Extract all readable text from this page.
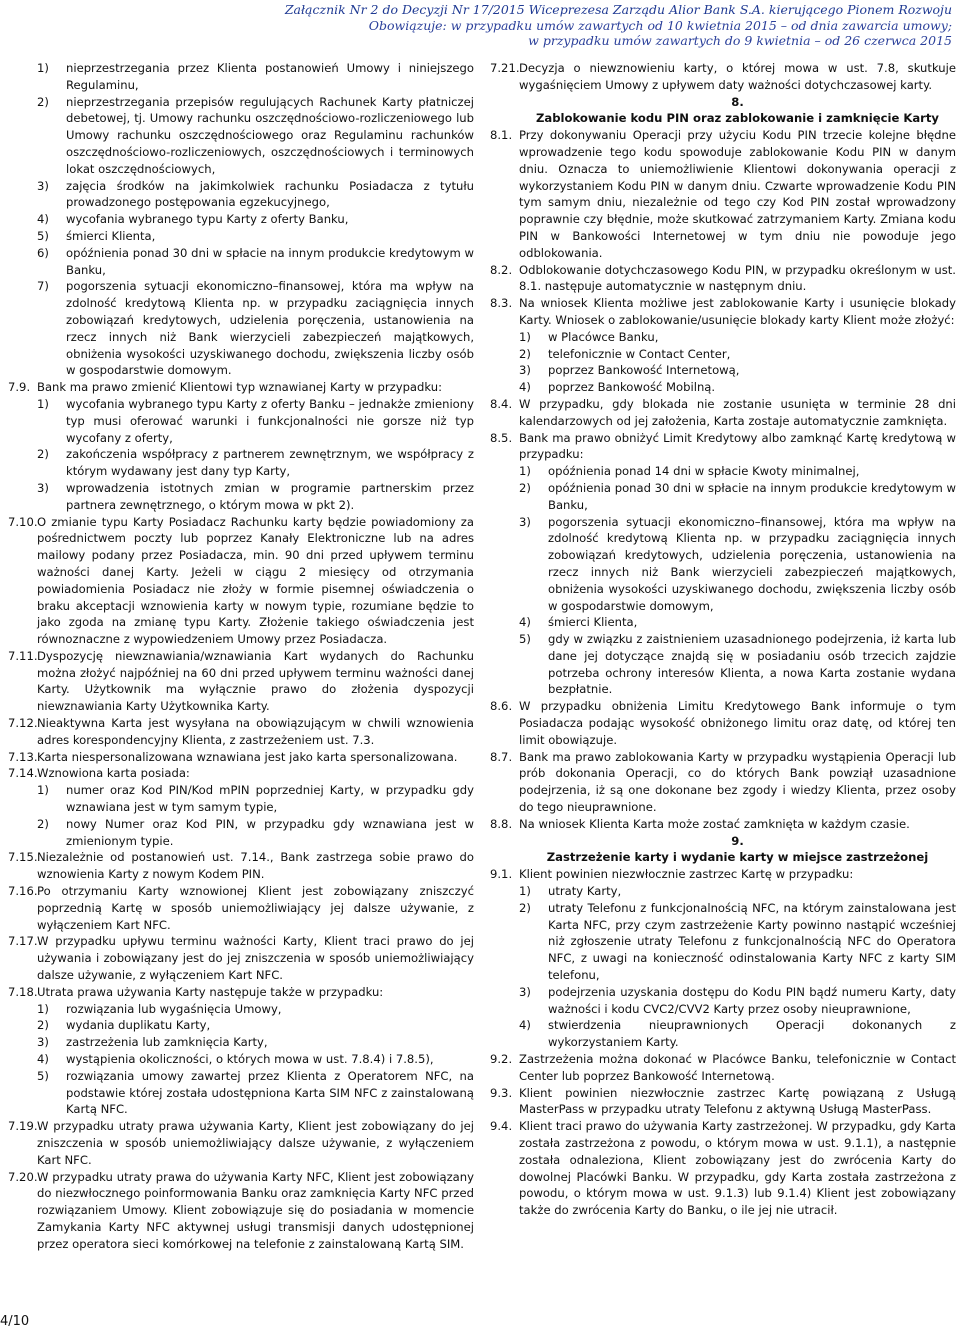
Załącznik Nr 2 do Decyzji Nr 17/2015 Wiceprezesa Zarządu Alior Bank S.A. kierującego Pionem Rozwoju
Obowiązuje: w przypadku umów zawartych od 10 kwietnia 2015 – od dnia zawarcia umowy;
w przypadku umów zawartych do 9 kwietnia – od 26 czerwca 2015
1) nieprzestrzegania przez Klienta postanowień Umowy i niniejszego Regulaminu,
2) nieprzestrzegania przepisów regulujących Rachunek Karty płatniczej debetowej, tj. Umowy rachunku oszczędnościowo-rozliczeniowego lub Umowy rachunku oszczędnościowego oraz Regulaminu rachunków oszczędnościowo-rozliczeniowych, oszczędnościowych i terminowych lokat oszczędnościowych,
3) zajęcia środków na jakimkolwiek rachunku Posiadacza z tytułu prowadzonego postępowania egzekucyjnego,
4) wycofania wybranego typu Karty z oferty Banku,
5) śmierci Klienta,
6) opóźnienia ponad 30 dni w spłacie na innym produkcie kredytowym w Banku,
7) pogorszenia sytuacji ekonomiczno–finansowej, która ma wpływ na zdolność kredytową Klienta np. w przypadku zaciągnięcia innych zobowiązań kredytowych, udzielenia poręczenia, ustanowienia na rzecz innych niż Bank wierzycieli zabezpieczeń majątkowych, obniżenia wysokości uzyskiwanego dochodu, zwiększenia liczby osób w gospodarstwie domowym.
7.9. Bank ma prawo zmienić Klientowi typ wznawianej Karty w przypadku:
1) wycofania wybranego typu Karty z oferty Banku – jednakże zmieniony typ musi oferować warunki i funkcjonalności nie gorsze niż typ wycofany z oferty,
2) zakończenia współpracy z partnerem zewnętrznym, we współpracy z którym wydawany jest dany typ Karty,
3) wprowadzenia istotnych zmian w programie partnerskim przez partnera zewnętrznego, o którym mowa w pkt 2).
7.10. O zmianie typu Karty Posiadacz Rachunku karty będzie powiadomiony za pośrednictwem poczty lub poprzez Kanały Elektroniczne lub na adres mailowy podany przez Posiadacza, min. 90 dni przed upływem terminu ważności danej Karty. Jeżeli w ciągu 2 miesięcy od otrzymania powiadomienia Posiadacz nie złoży w formie pisemnej oświadczenia o braku akceptacji wznowienia karty w nowym typie, rozumiane będzie to jako zgoda na zmianę typu Karty. Złożenie takiego oświadczenia jest równoznaczne z wypowiedzeniem Umowy przez Posiadacza.
7.11. Dyspozycję niewznawiania/wznawiania Kart wydanych do Rachunku można złożyć najpóźniej na 60 dni przed upływem terminu ważności danej Karty. Użytkownik ma wyłącznie prawo do złożenia dyspozycji niewznawiania Karty Użytkownika Karty.
7.12. Nieaktywna Karta jest wysyłana na obowiązującym w chwili wznowienia adres korespondencyjny Klienta, z zastrzeżeniem ust. 7.3.
7.13. Karta niespersonalizowana wznawiana jest jako karta spersonalizowana.
7.14. Wznowiona karta posiada:
1) numer oraz Kod PIN/Kod mPIN poprzedniej Karty, w przypadku gdy wznawiana jest w tym samym typie,
2) nowy Numer oraz Kod PIN, w przypadku gdy wznawiana jest w zmienionym typie.
7.15. Niezależnie od postanowień ust. 7.14., Bank zastrzega sobie prawo do wznowienia Karty z nowym Kodem PIN.
7.16. Po otrzymaniu Karty wznowionej Klient jest zobowiązany zniszczyć poprzednią Kartę w sposób uniemożliwiający jej dalsze używanie, z wyłączeniem Kart NFC.
7.17. W przypadku upływu terminu ważności Karty, Klient traci prawo do jej używania i zobowiązany jest do jej zniszczenia w sposób uniemożliwiający dalsze używanie, z wyłączeniem Kart NFC.
7.18. Utrata prawa używania Karty następuje także w przypadku:
1) rozwiązania lub wygaśnięcia Umowy,
2) wydania duplikatu Karty,
3) zastrzeżenia lub zamknięcia Karty,
4) wystąpienia okoliczności, o których mowa w ust. 7.8.4) i 7.8.5),
5) rozwiązania umowy zawartej przez Klienta z Operatorem NFC, na podstawie której została udostępniona Karta SIM NFC z zainstalowaną Kartą NFC.
7.19. W przypadku utraty prawa używania Karty, Klient jest zobowiązany do jej zniszczenia w sposób uniemożliwiający dalsze używanie, z wyłączeniem Kart NFC.
7.20. W przypadku utraty prawa do używania Karty NFC, Klient jest zobowiązany do niezwłocznego poinformowania Banku oraz zamknięcia Karty NFC przed rozwiązaniem Umowy. Klient zobowiązuje się do posiadania w momencie Zamykania Karty NFC aktywnej usługi transmisji danych udostępnionej przez operatora sieci komórkowej na telefonie z zainstalowaną Kartą SIM.
7.21. Decyzja o niewznowieniu karty, o której mowa w ust. 7.8, skutkuje wygaśnięciem Umowy z upływem daty ważności dotychczasowej karty.
8.
Zablokowanie kodu PIN oraz zablokowanie i zamknięcie Karty
8.1. Przy dokonywaniu Operacji przy użyciu Kodu PIN trzecie kolejne błędne wprowadzenie tego kodu spowoduje zablokowanie Kodu PIN w danym dniu. Oznacza to uniemożliwienie Klientowi dokonywania operacji z wykorzystaniem Kodu PIN w danym dniu. Czwarte wprowadzenie Kodu PIN tym samym dniu, niezależnie od tego czy Kod PIN został wprowadzony poprawnie czy błędnie, może skutkować zatrzymaniem Karty. Zmiana kodu PIN w Bankowości Internetowej w tym dniu nie powoduje jego odblokowania.
8.2. Odblokowanie dotychczasowego Kodu PIN, w przypadku określonym w ust. 8.1. następuje automatycznie w następnym dniu.
8.3. Na wniosek Klienta możliwe jest zablokowanie Karty i usunięcie blokady Karty. Wniosek o zablokowanie/usunięcie blokady karty Klient może złożyć:
1) w Placówce Banku,
2) telefonicznie w Contact Center,
3) poprzez Bankowość Internetową,
4) poprzez Bankowość Mobilną.
8.4. W przypadku, gdy blokada nie zostanie usunięta w terminie 28 dni kalendarzowych od jej założenia, Karta zostaje automatycznie zamknięta.
8.5. Bank ma prawo obniżyć Limit Kredytowy albo zamknąć Kartę kredytową w przypadku:
1) opóźnienia ponad 14 dni w spłacie Kwoty minimalnej,
2) opóźnienia ponad 30 dni w spłacie na innym produkcie kredytowym w Banku,
3) pogorszenia sytuacji ekonomiczno–finansowej, która ma wpływ na zdolność kredytową Klienta np. w przypadku zaciągnięcia innych zobowiązań kredytowych, udzielenia poręczenia, ustanowienia na rzecz innych niż Bank wierzycieli zabezpieczeń majątkowych, obniżenia wysokości uzyskiwanego dochodu, zwiększenia liczby osób w gospodarstwie domowym,
4) śmierci Klienta,
5) gdy w związku z zaistnieniem uzasadnionego podejrzenia, iż karta lub dane jej dotyczące znajdą się w posiadaniu osób trzecich zajdzie potrzeba ochrony interesów Klienta, a nowa Karta zostanie wydana bezpłatnie.
8.6. W przypadku obniżenia Limitu Kredytowego Bank informuje o tym Posiadacza podając wysokość obniżonego limitu oraz datę, od której ten limit obowiązuje.
8.7. Bank ma prawo zablokowania Karty w przypadku wystąpienia Operacji lub prób dokonania Operacji, co do których Bank powziął uzasadnione podejrzenia, iż są one dokonane bez zgody i wiedzy Klienta, przez osoby do tego nieuprawnione.
8.8. Na wniosek Klienta Karta może zostać zamknięta w każdym czasie.
9.
Zastrzeżenie karty i wydanie karty w miejsce zastrzeżonej
9.1. Klient powinien niezwłocznie zastrzec Kartę w przypadku:
1) utraty Karty,
2) utraty Telefonu z funkcjonalnością NFC, na którym zainstalowana jest Karta NFC, przy czym zastrzeżenie Karty powinno nastąpić wcześniej niż zgłoszenie utraty Telefonu z funkcjonalnością NFC do Operatora NFC, z uwagi na konieczność odinstalowania Karty NFC z karty SIM telefonu,
3) podejrzenia uzyskania dostępu do Kodu PIN bądź numeru Karty, daty ważności i kodu CVC2/CVV2 Karty przez osoby nieuprawnione,
4) stwierdzenia nieuprawnionych Operacji dokonanych z wykorzystaniem Karty.
9.2. Zastrzeżenia można dokonać w Placówce Banku, telefonicznie w Contact Center lub poprzez Bankowość Internetową.
9.3. Klient powinien niezwłocznie zastrzec Kartę powiązaną z Usługą MasterPass w przypadku utraty Telefonu z aktywną Usługą MasterPass.
9.4. Klient traci prawo do używania Karty zastrzeżonej. W przypadku, gdy Karta została zastrzeżona z powodu, o którym mowa w ust. 9.1.1), a następnie została odnaleziona, Klient zobowiązany jest do zwrócenia Karty do dowolnej Placówki Banku. W przypadku, gdy Karta została zastrzeżona z powodu, o którym mowa w ust. 9.1.3) lub 9.1.4) Klient jest zobowiązany także do zwrócenia Karty do Banku, o ile jej nie utracił.
4/10
